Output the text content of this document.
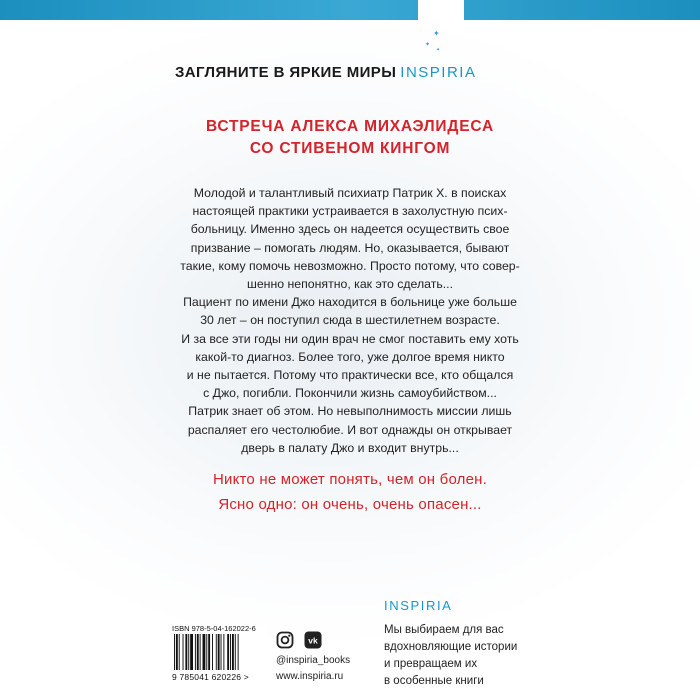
✦
✦
✦
ЗАГЛЯНИТЕ В ЯРКИЕ МИРЫ INSPIRIA
ВСТРЕЧА АЛЕКСА МИХАЭЛИДЕСА
СО СТИВЕНОМ КИНГОМ
Молодой и талантливый психиатр Патрик Х. в поисках
настоящей практики устраивается в захолустную псих-
больницу. Именно здесь он надеется осуществить свое
призвание – помогать людям. Но, оказывается, бывают
такие, кому помочь невозможно. Просто потому, что совер-
шенно непонятно, как это сделать...
Пациент по имени Джо находится в больнице уже больше
30 лет – он поступил сюда в шестилетнем возрасте.
И за все эти годы ни один врач не смог поставить ему хоть
какой-то диагноз. Более того, уже долгое время никто
и не пытается. Потому что практически все, кто общался
с Джо, погибли. Покончили жизнь самоубийством...
Патрик знает об этом. Но невыполнимость миссии лишь
распаляет его честолюбие. И вот однажды он открывает
дверь в палату Джо и входит внутрь...
Никто не может понять, чем он болен.
Ясно одно: он очень, очень опасен...
ISBN 978-5-04-162022-6
9 785041 620226 >
vk
@inspiria_books
www.inspiria.ru
INSPIRIA
Мы выбираем для вас
вдохновляющие истории
и превращаем их
в особенные книги
